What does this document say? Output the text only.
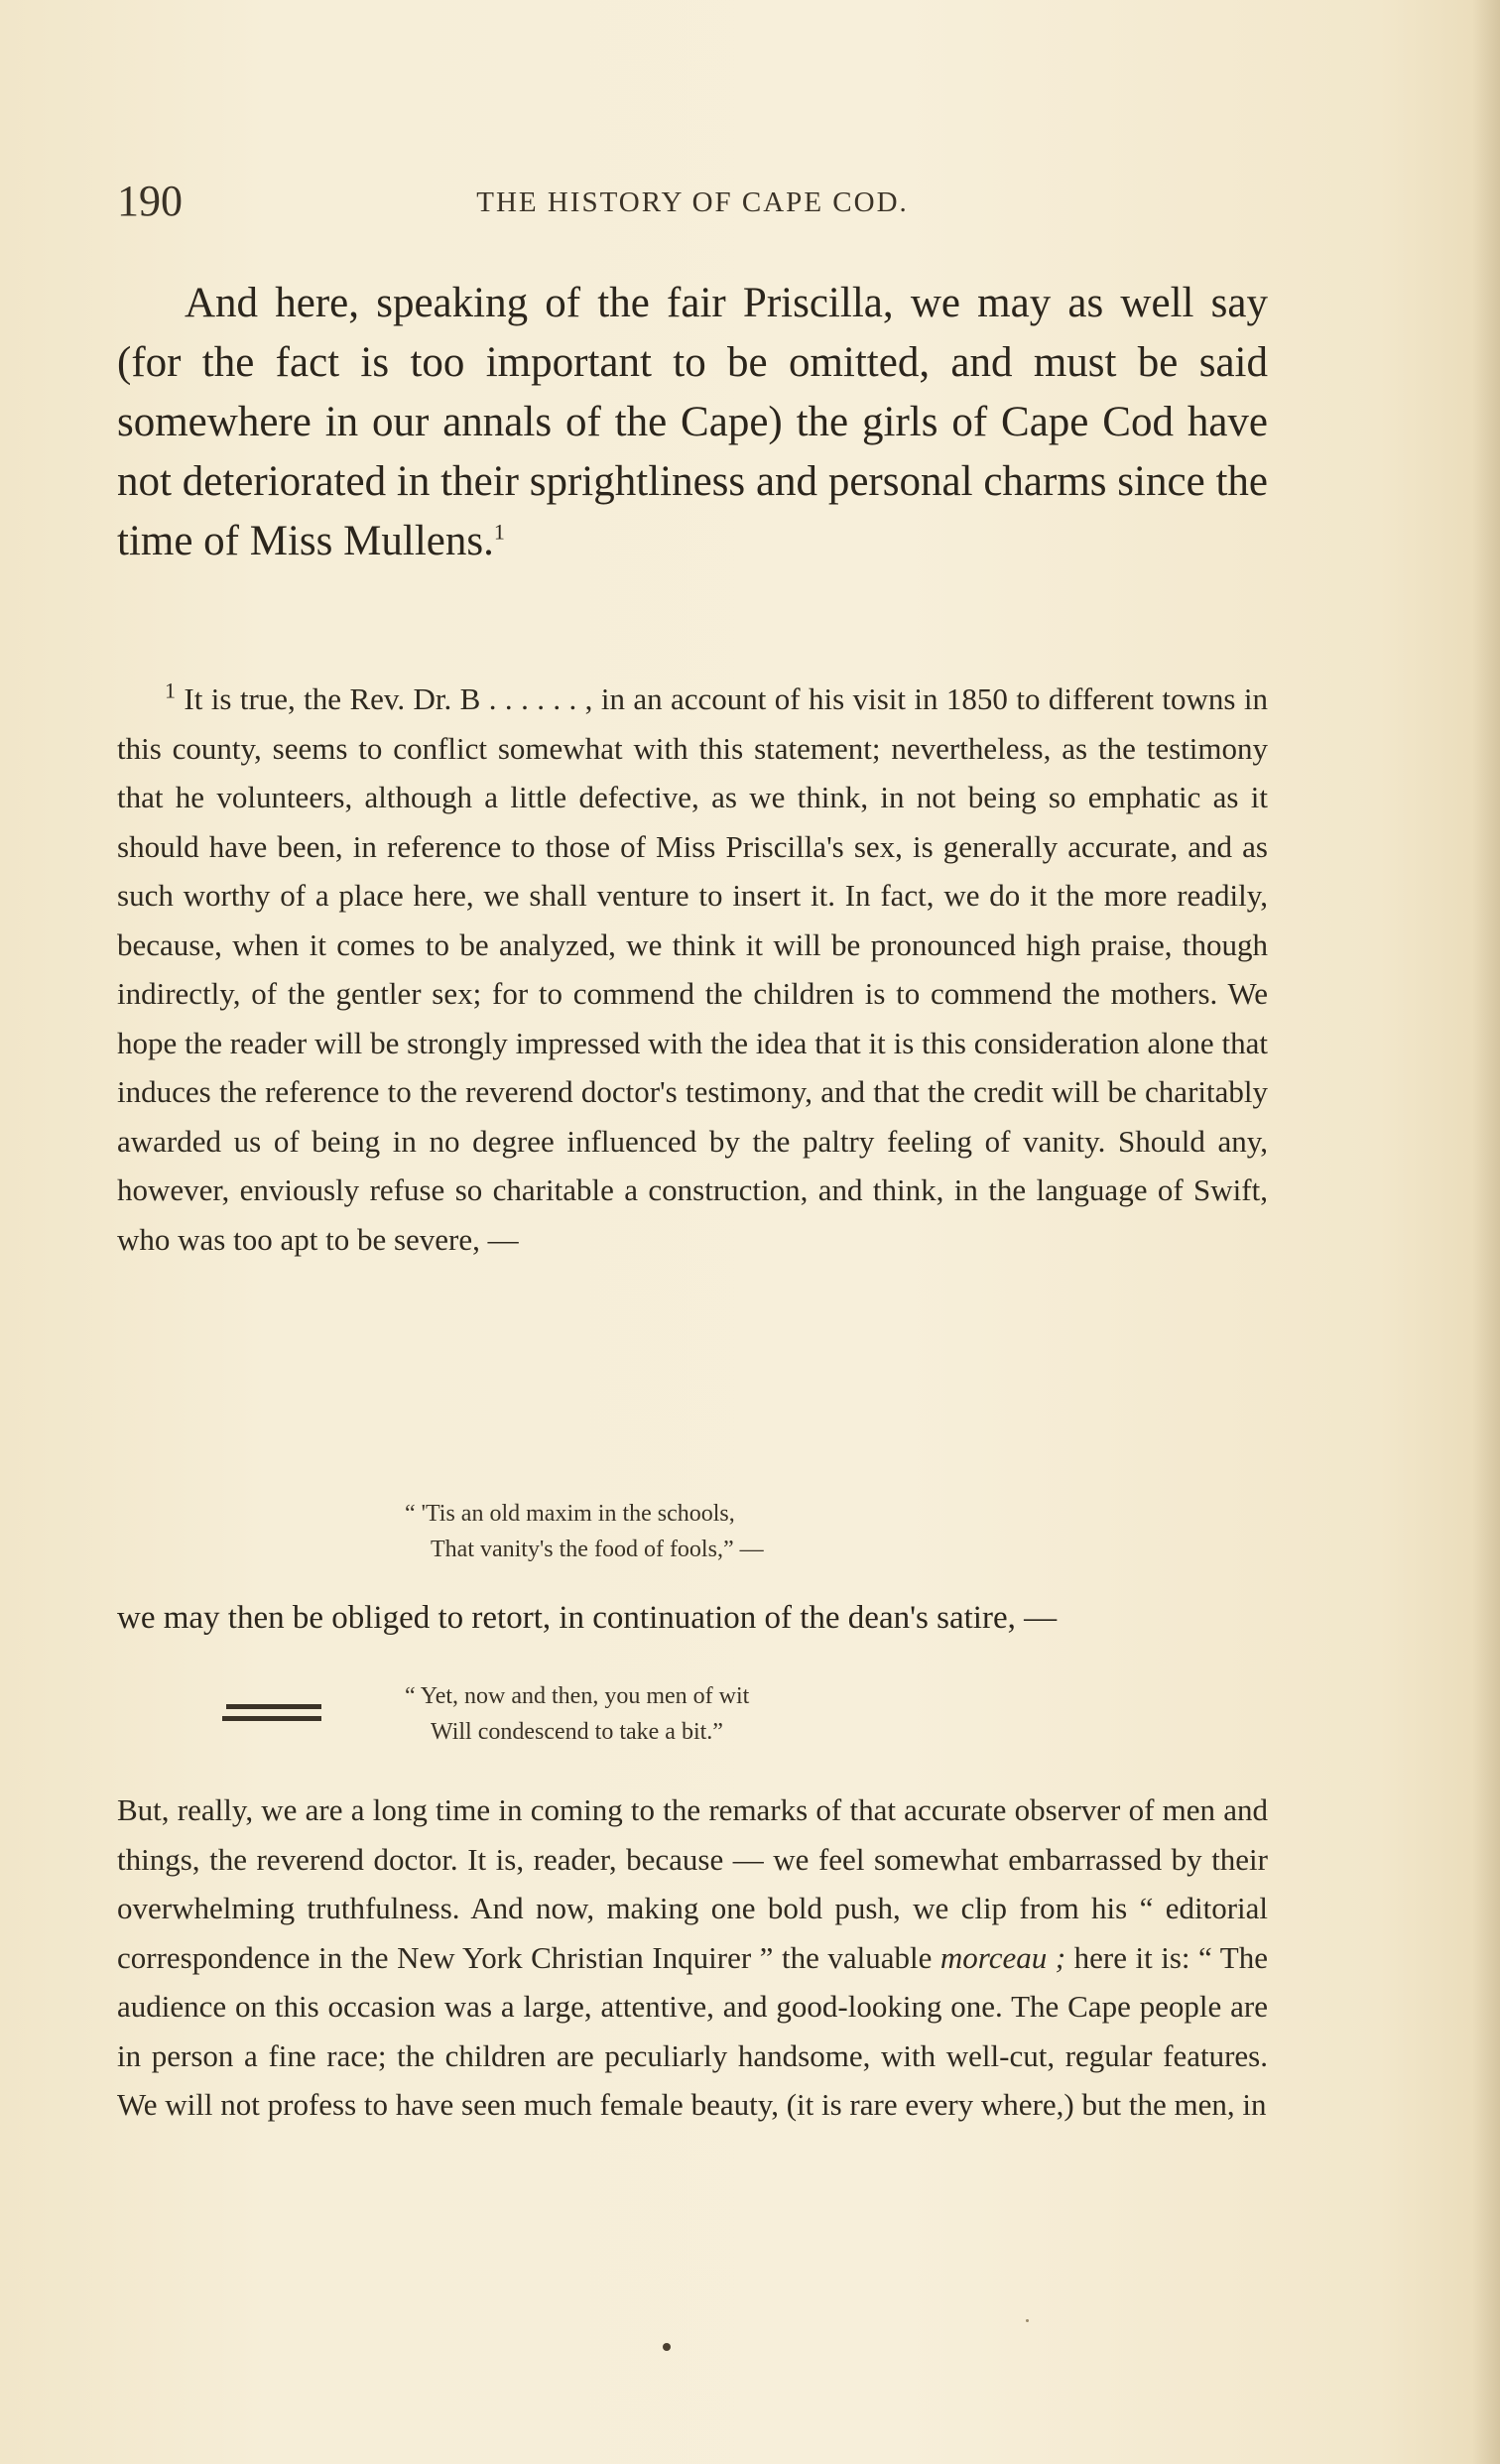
190	THE HISTORY OF CAPE COD.
And here, speaking of the fair Priscilla, we may as well say (for the fact is too important to be omitted, and must be said somewhere in our annals of the Cape) the girls of Cape Cod have not deteriorated in their sprightliness and personal charms since the time of Miss Mullens.$^1$
$^1$ It is true, the Rev. Dr. B . . . . . . , in an account of his visit in 1850 to different towns in this county, seems to conflict somewhat with this statement; nevertheless, as the testimony that he volunteers, although a little defective, as we think, in not being so emphatic as it should have been, in reference to those of Miss Priscilla's sex, is generally accurate, and as such worthy of a place here, we shall venture to insert it. In fact, we do it the more readily, because, when it comes to be analyzed, we think it will be pronounced high praise, though indirectly, of the gentler sex; for to commend the children is to commend the mothers. We hope the reader will be strongly impressed with the idea that it is this consideration alone that induces the reference to the reverend doctor's testimony, and that the credit will be charitably awarded us of being in no degree influenced by the paltry feeling of vanity. Should any, however, enviously refuse so charitable a construction, and think, in the language of Swift, who was too apt to be severe, —
“ 'Tis an old maxim in the schools,
That vanity's the food of fools,” —
we may then be obliged to retort, in continuation of the dean's satire, —
“ Yet, now and then, you men of wit
Will condescend to take a bit.”
But, really, we are a long time in coming to the remarks of that accurate observer of men and things, the reverend doctor. It is, reader, because — we feel somewhat embarrassed by their overwhelming truthfulness. And now, making one bold push, we clip from his “ editorial correspondence in the New York Christian Inquirer ” the valuable morceau ; here it is: “ The audience on this occasion was a large, attentive, and good-looking one. The Cape people are in person a fine race; the children are peculiarly handsome, with well-cut, regular features. We will not profess to have seen much female beauty, (it is rare every where,) but the men, in
